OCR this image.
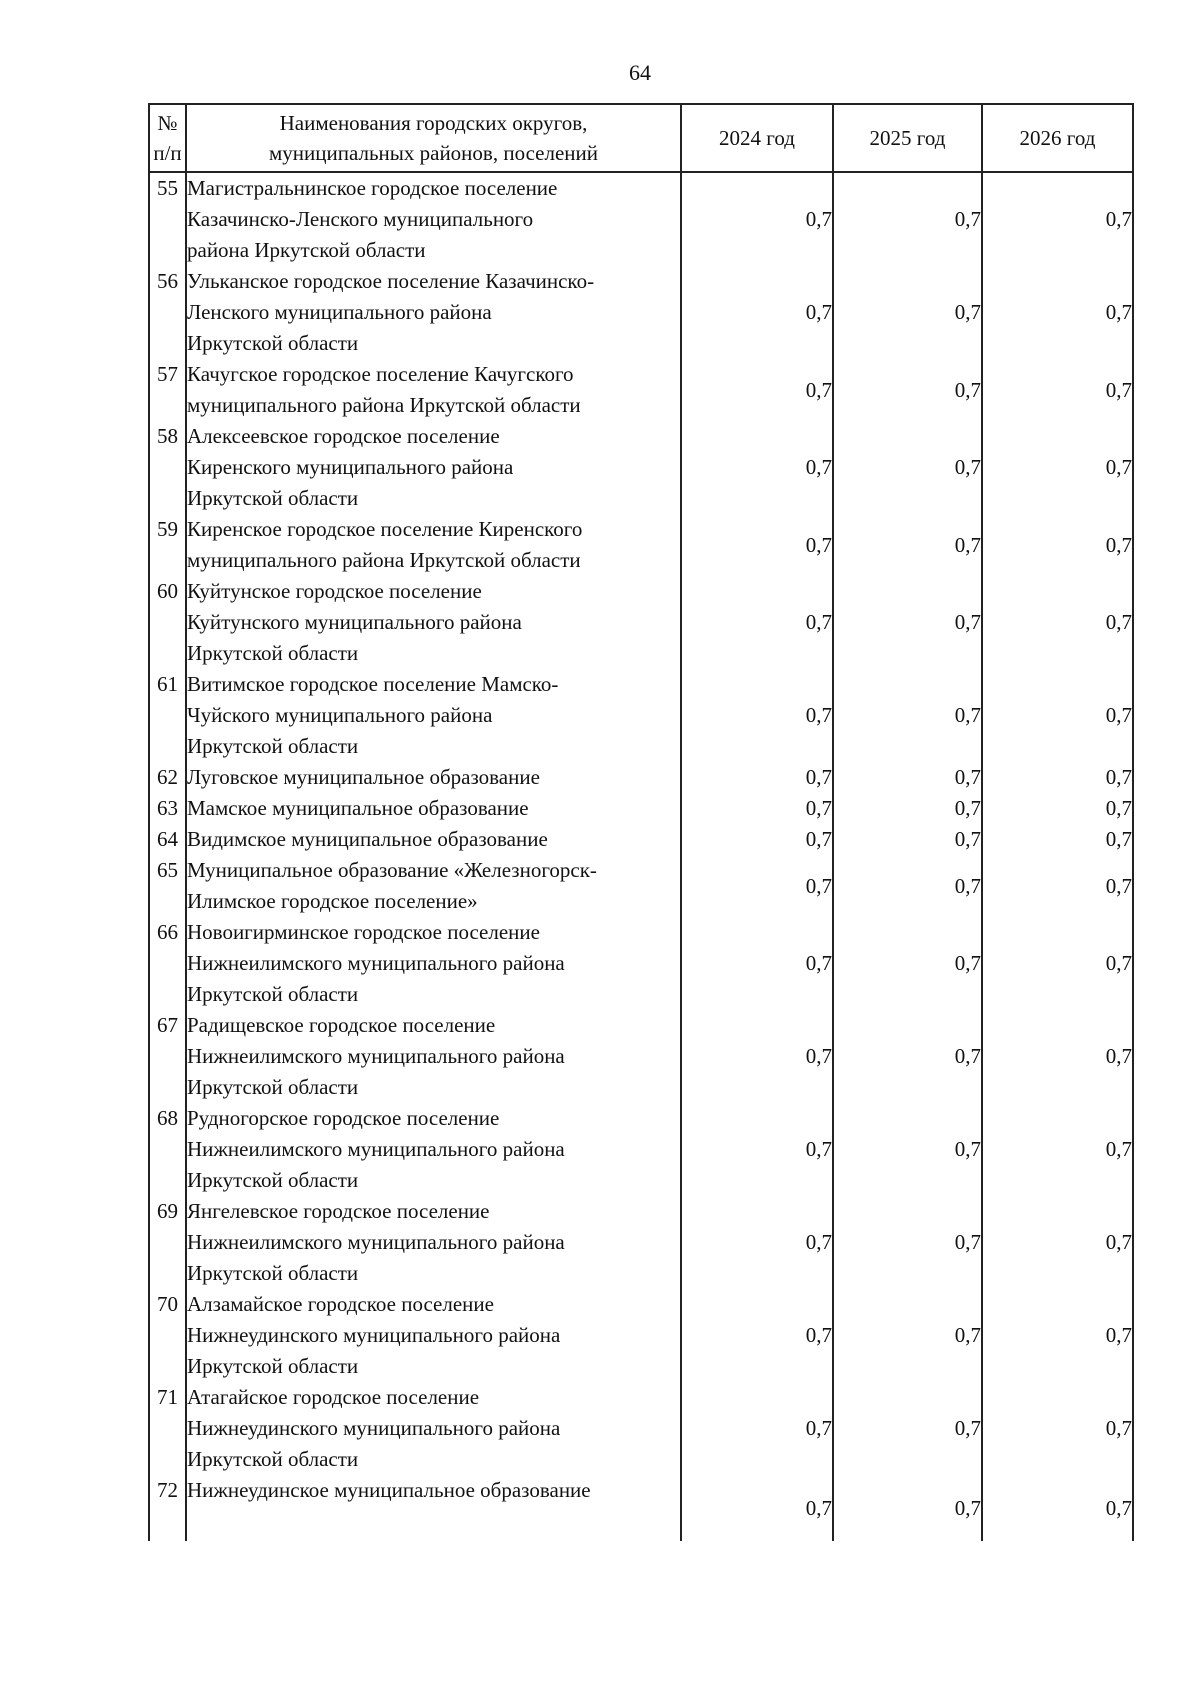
64
№
п/п	Наименования городских округов,
муниципальных районов, поселений	2024 год	2025 год	2026 год
55	Магистральнинское городское поселение
Казачинско-Ленского муниципального
района Иркутской области	0,7	0,7	0,7
56	Ульканское городское поселение Казачинско-
Ленского муниципального района
Иркутской области	0,7	0,7	0,7
57	Качугское городское поселение Качугского
муниципального района Иркутской области	0,7	0,7	0,7
58	Алексеевское городское поселение
Киренского муниципального района
Иркутской области	0,7	0,7	0,7
59	Киренское городское поселение Киренского
муниципального района Иркутской области	0,7	0,7	0,7
60	Куйтунское городское поселение
Куйтунского муниципального района
Иркутской области	0,7	0,7	0,7
61	Витимское городское поселение Мамско-
Чуйского муниципального района
Иркутской области	0,7	0,7	0,7
62	Луговское муниципальное образование	0,7	0,7	0,7
63	Мамское муниципальное образование	0,7	0,7	0,7
64	Видимское муниципальное образование	0,7	0,7	0,7
65	Муниципальное образование «Железногорск-
Илимское городское поселение»	0,7	0,7	0,7
66	Новоигирминское городское поселение
Нижнеилимского муниципального района
Иркутской области	0,7	0,7	0,7
67	Радищевское городское поселение
Нижнеилимского муниципального района
Иркутской области	0,7	0,7	0,7
68	Рудногорское городское поселение
Нижнеилимского муниципального района
Иркутской области	0,7	0,7	0,7
69	Янгелевское городское поселение
Нижнеилимского муниципального района
Иркутской области	0,7	0,7	0,7
70	Алзамайское городское поселение
Нижнеудинского муниципального района
Иркутской области	0,7	0,7	0,7
71	Атагайское городское поселение
Нижнеудинского муниципального района
Иркутской области	0,7	0,7	0,7
72	Нижнеудинское муниципальное образование	0,7	0,7	0,7
